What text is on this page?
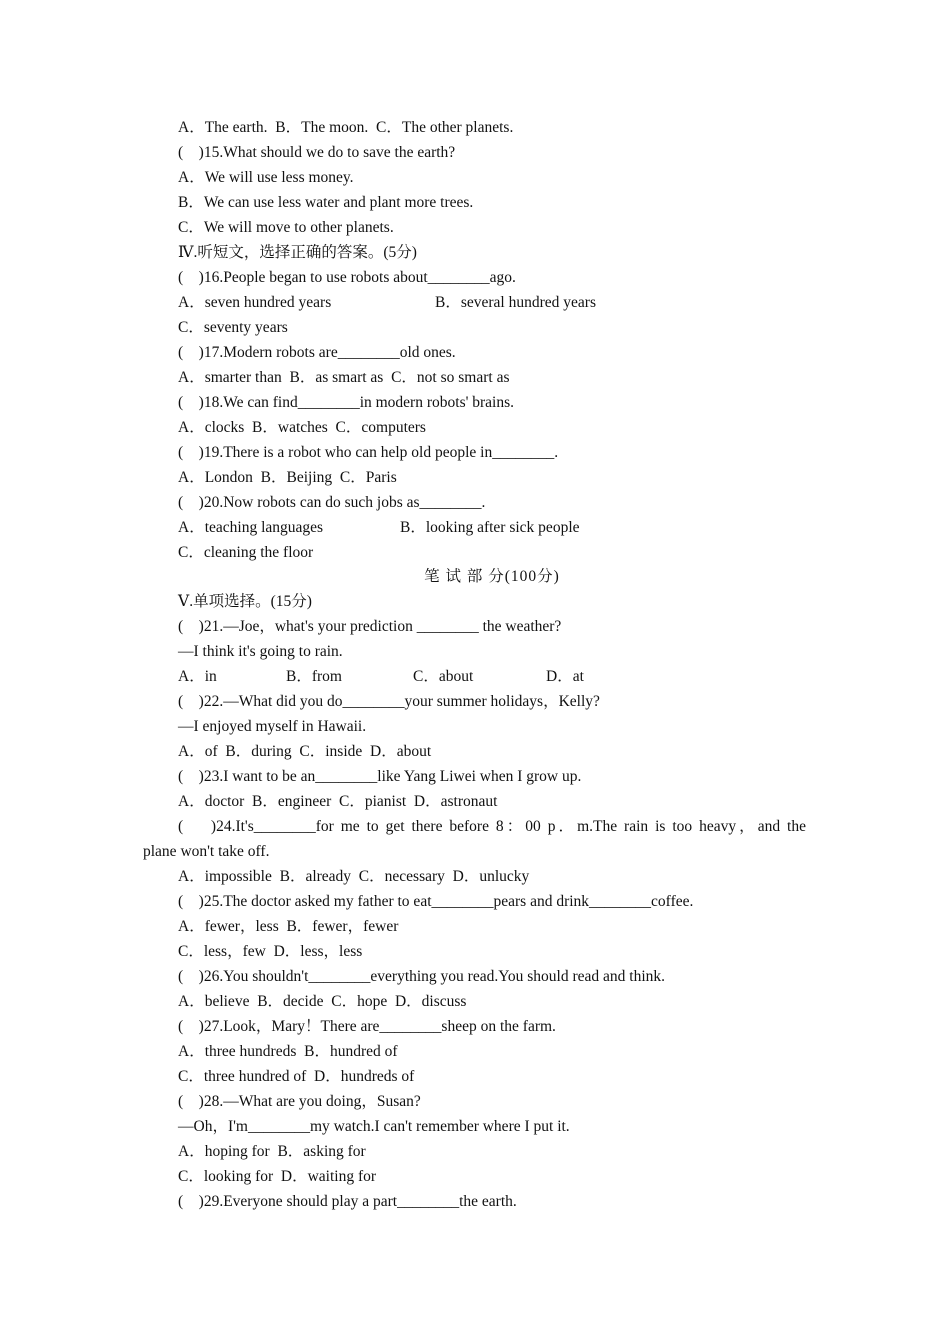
A．The earth.  B．The moon.  C．The other planets.
(    )15.What should we do to save the earth?
A．We will use less money.
B．We can use less water and plant more trees.
C．We will move to other planets.
Ⅳ.听短文，选择正确的答案。(5分)
(    )16.People began to use robots about________ago.
A．seven hundred years	B．several hundred years
C．seventy years
(    )17.Modern robots are________old ones.
A．smarter than  B．as smart as  C．not so smart as
(    )18.We can find________in modern robots' brains.
A．clocks  B．watches  C．computers
(    )19.There is a robot who can help old people in________.
A．London  B．Beijing  C．Paris
(    )20.Now robots can do such jobs as________.
A．teaching languages	B．looking after sick people
C．cleaning the floor
笔 试 部 分(100分)
Ⅴ.单项选择。(15分)
(    )21.—Joe，what's your prediction ________ the weather?
—I think it's going to rain.
A．in	B．from	C．about	D．at
(    )22.—What did you do________your summer holidays，Kelly?
—I enjoyed myself in Hawaii.
A．of  B．during  C．inside  D．about
(    )23.I want to be an________like Yang Liwei when I grow up.
A．doctor  B．engineer  C．pianist  D．astronaut
(    )24.It's________for me to get there before 8：00 p．m.The rain is too heavy，and the
plane won't take off.
A．impossible  B．already  C．necessary  D．unlucky
(    )25.The doctor asked my father to eat________pears and drink________coffee.
A．fewer，less  B．fewer，fewer
C．less，few  D．less，less
(    )26.You shouldn't________everything you read.You should read and think.
A．believe  B．decide  C．hope  D．discuss
(    )27.Look，Mary！There are________sheep on the farm.
A．three hundreds  B．hundred of
C．three hundred of  D．hundreds of
(    )28.—What are you doing，Susan?
—Oh，I'm________my watch.I can't remember where I put it.
A．hoping for  B．asking for
C．looking for  D．waiting for
(    )29.Everyone should play a part________the earth.
